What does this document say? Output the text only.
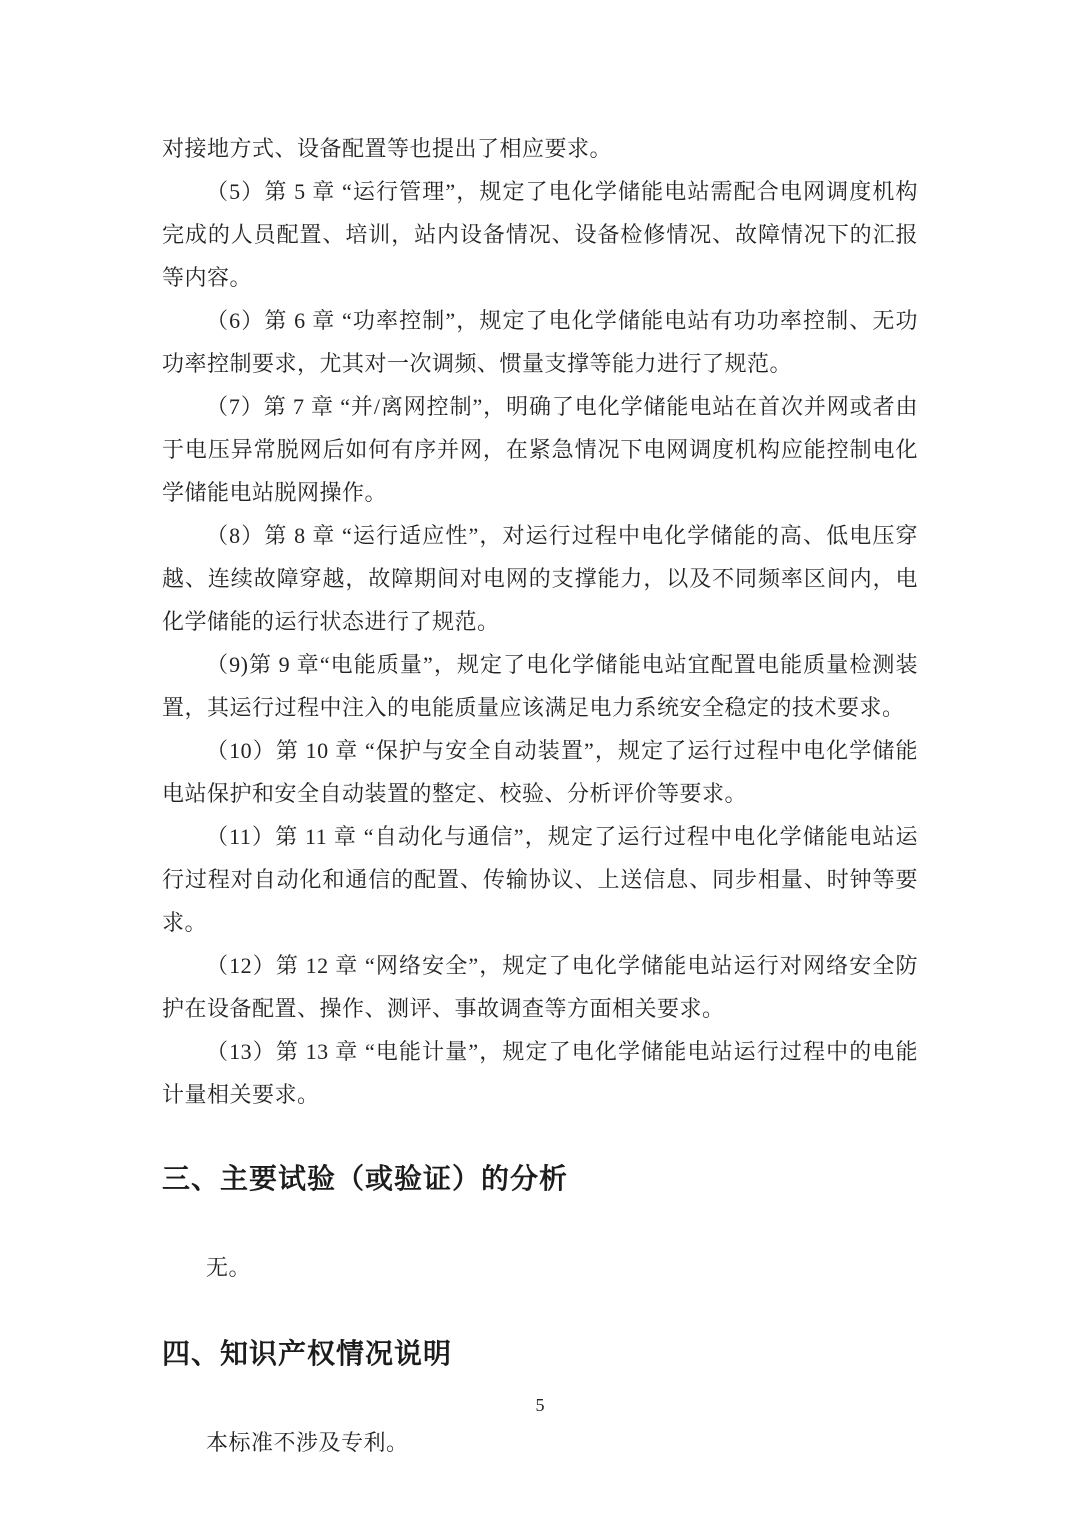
对接地方式、设备配置等也提出了相应要求。

（5）第 5 章 “运行管理”，规定了电化学储能电站需配合电网调度机构完成的人员配置、培训，站内设备情况、设备检修情况、故障情况下的汇报等内容。

（6）第 6 章 “功率控制”，规定了电化学储能电站有功功率控制、无功功率控制要求，尤其对一次调频、惯量支撑等能力进行了规范。

（7）第 7 章 “并/离网控制”，明确了电化学储能电站在首次并网或者由于电压异常脱网后如何有序并网，在紧急情况下电网调度机构应能控制电化学储能电站脱网操作。

（8）第 8 章 “运行适应性”，对运行过程中电化学储能的高、低电压穿越、连续故障穿越，故障期间对电网的支撑能力，以及不同频率区间内，电化学储能的运行状态进行了规范。

（9)第 9 章“电能质量”，规定了电化学储能电站宜配置电能质量检测装置，其运行过程中注入的电能质量应该满足电力系统安全稳定的技术要求。

（10）第 10 章 “保护与安全自动装置”，规定了运行过程中电化学储能电站保护和安全自动装置的整定、校验、分析评价等要求。

（11）第 11 章 “自动化与通信”，规定了运行过程中电化学储能电站运行过程对自动化和通信的配置、传输协议、上送信息、同步相量、时钟等要求。

（12）第 12 章 “网络安全”，规定了电化学储能电站运行对网络安全防护在设备配置、操作、测评、事故调查等方面相关要求。

（13）第 13 章 “电能计量”，规定了电化学储能电站运行过程中的电能计量相关要求。

三、主要试验（或验证）的分析

无。

四、知识产权情况说明

本标准不涉及专利。

5
